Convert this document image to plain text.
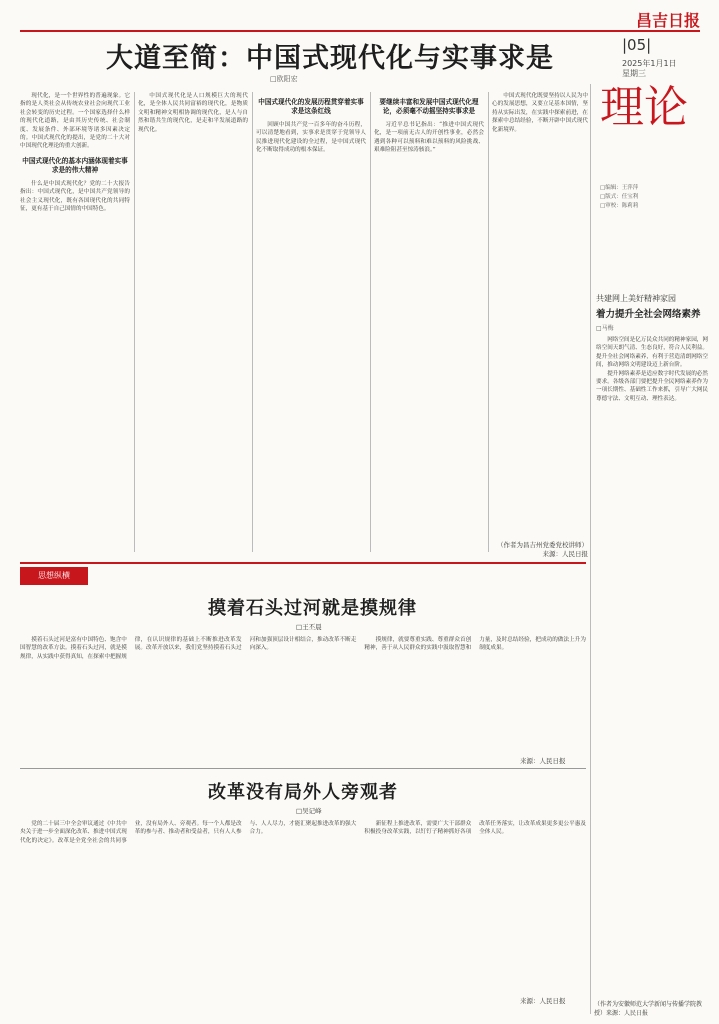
昌吉日报
|05|
2025年1月1日
星期三
大道至简：中国式现代化与实事求是
□欧阳宏

现代化，是一个世界性的普遍现象。它指的是人类社会从传统农业社会向现代工业社会转变的历史过程。一个国家选择什么样的现代化道路，是由其历史传统、社会制度、发展条件、外部环境等诸多因素决定的。中国式现代化的提出，是党的二十大对中国现代化理论的重大创新。

中国式现代化的基本内涵体现着实事求是的伟大精神

什么是中国式现代化？党的二十大报告指出：中国式现代化，是中国共产党领导的社会主义现代化，既有各国现代化的共同特征，更有基于自己国情的中国特色。

中国式现代化是人口规模巨大的现代化，是全体人民共同富裕的现代化，是物质文明和精神文明相协调的现代化，是人与自然和谐共生的现代化，是走和平发展道路的现代化。

中国式现代化的发展历程贯穿着实事求是这条红线

回顾中国共产党一百多年的奋斗历程，可以清楚地看到，实事求是贯穿于党领导人民推进现代化建设的全过程，是中国式现代化不断取得成功的根本保证。

要继续丰富和发展中国式现代化理论，必须毫不动摇坚持实事求是

习近平总书记指出：“推进中国式现代化，是一项前无古人的开创性事业，必然会遇到各种可以预料和难以预料的风险挑战、艰难险阻甚至惊涛骇浪。”

中国式现代化既要坚持以人民为中心的发展思想，又要立足基本国情，坚持从实际出发，在实践中探索前进，在探索中总结经验，不断开辟中国式现代化新境界。

（作者为昌吉州党委党校讲师）来源：人民日报
理论
□编辑：王萍萍
□版式：任宝利
□审校：陈莉莉
共建网上美好精神家园
着力提升全社会网络素养
□马梅

网络空间是亿万民众共同的精神家园，网络空间天朗气清、生态良好，符合人民利益。提升全社会网络素养，有利于营造清朗网络空间，推动网络文明建设迈上新台阶。

提升网络素养是适应数字时代发展的必然要求。各级各部门要把提升全民网络素养作为一项长期性、基础性工作来抓，引导广大网民尊德守法、文明互动、理性表达。

（作者为安徽师范大学新闻与传播学院教授）来源：人民日报
思想纵横
摸着石头过河就是摸规律
□王丕晨

摸着石头过河是富有中国特色、饱含中国智慧的改革方法。摸着石头过河，就是摸规律，从实践中获得真知，在探索中把握规律，在认识规律的基础上不断推进改革发展。改革开放以来，我们党坚持摸着石头过河和加强顶层设计相结合，推动改革不断走向深入。

摸规律，就要尊重实践、尊重群众首创精神，善于从人民群众的实践中汲取智慧和力量，及时总结经验，把成功的做法上升为制度成果。

来源：人民日报
改革没有局外人旁观者
□吴记峰

党的二十届三中全会审议通过《中共中央关于进一步全面深化改革、推进中国式现代化的决定》。改革是全党全社会的共同事业，没有局外人、旁观者。每一个人都是改革的参与者、推动者和受益者，只有人人参与、人人尽力，才能汇聚起推进改革的强大合力。

新征程上推进改革，需要广大干部群众积极投身改革实践，以钉钉子精神抓好各项改革任务落实，让改革成果更多更公平惠及全体人民。

来源：人民日报
